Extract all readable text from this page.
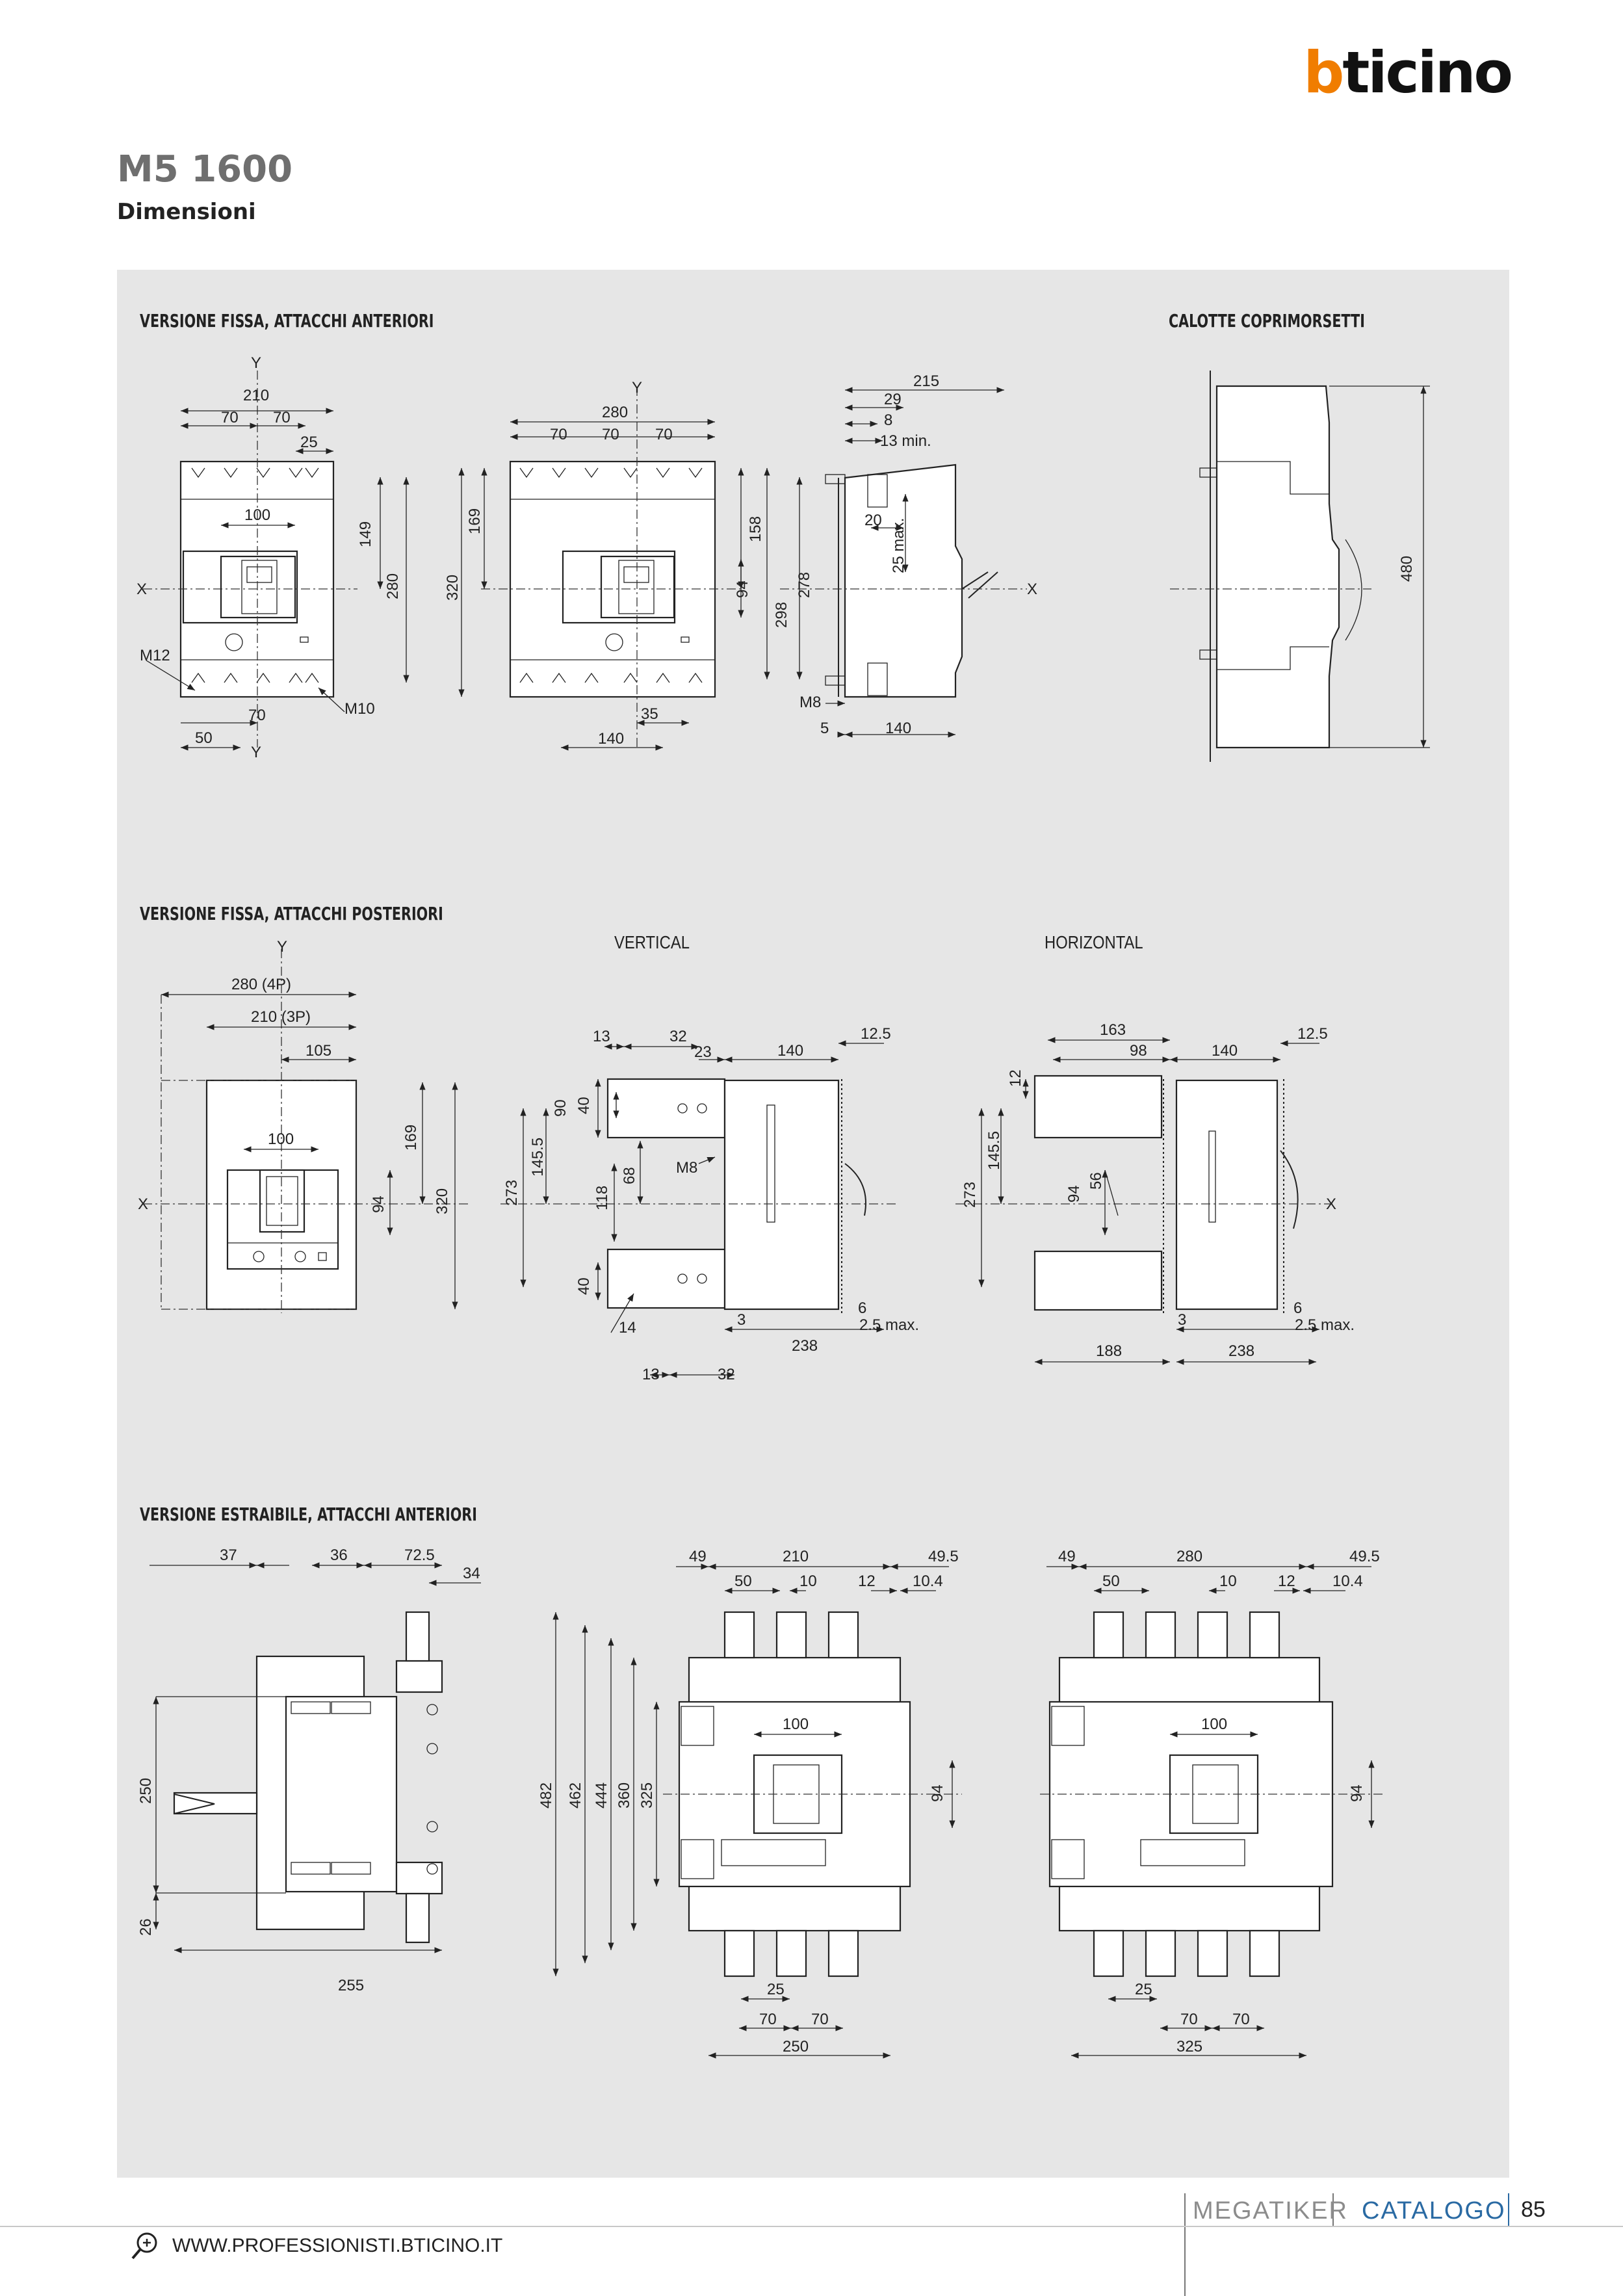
bticino
M5 1600
Dimensioni
VERSIONE FISSA, ATTACCHI ANTERIORI	CALOTTE COPRIMORSETTI
VERSIONE FISSA, ATTACCHI POSTERIORI
VERTICAL	HORIZONTAL
VERSIONE ESTRAIBILE, ATTACCHI ANTERIORI
Y
Y
X
210
70 70
25
100
149
280
M12
M10
70
50
Y
280
70 70 70
169
320
158
94
298
35
140
X
215
29
8
13 min.
278
20 25 max.
M8
5	140
480
Y
X
280 (4P)
210 (3P)
105
100	169
94	320
13	32
23	140
12.5
90 40
145.5
273	118
68 M8
40
14	3
6
2.5 max.
238
13	32
X
163
98	140
12.5
12
145.5
273
56
94
3
6
2.5 max.
188	238
37	36	72.5
34
250
26
255
49	210	49.5
50	10	12 10.4
100
482 462 444 360 325	94
25
70 70
250
49	280	49.5
50	10	12 10.4
100
94
25
70 70
325
MEGATIKER CATALOGO 85
WWW.PROFESSIONISTI.BTICINO.IT
